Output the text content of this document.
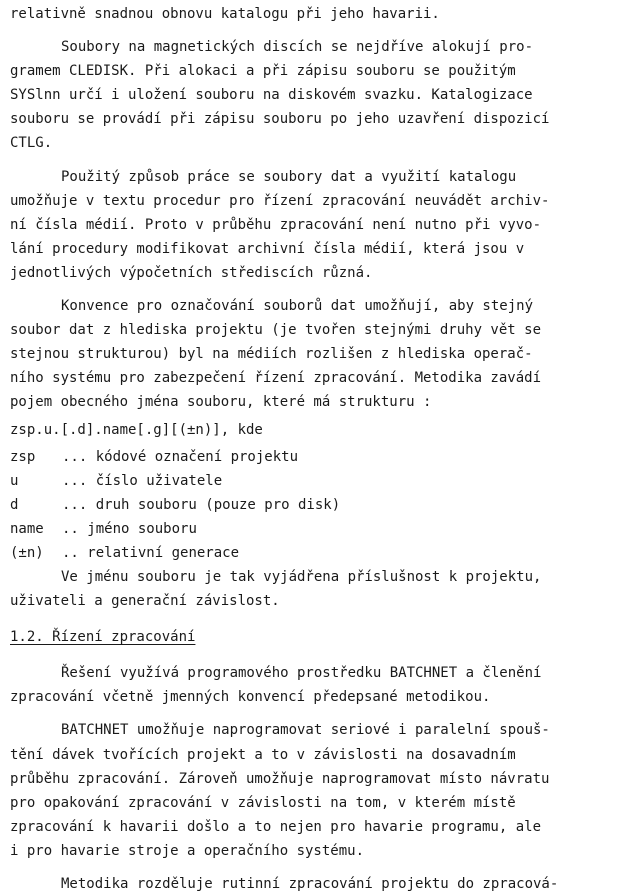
relativně snadnou obnovu katalogu při jeho havarii.
Soubory na magnetických discích se nejdříve alokují pro-
gramem CLEDISK. Při alokaci a při zápisu souboru se použitým
SYSlnn určí i uložení souboru na diskovém svazku. Katalogizace
souboru se provádí při zápisu souboru po jeho uzavření dispozicí
CTLG.
Použitý způsob práce se soubory dat a využití katalogu
umožňuje v textu procedur pro řízení zpracování neuvádět archiv-
ní čísla médií. Proto v průběhu zpracování není nutno při vyvo-
lání procedury modifikovat archivní čísla médií, která jsou v
jednotlivých výpočetních střediscích různá.
Konvence pro označování souborů dat umožňují, aby stejný
soubor dat z hlediska projektu (je tvořen stejnými druhy vět se
stejnou strukturou) byl na médiích rozlišen z hlediska operač-
ního systému pro zabezpečení řízení zpracování. Metodika zavádí
pojem obecného jména souboru, které má strukturu :
zsp.u.[.d].name[.g][(±n)], kde
zsp	... kódové označení projektu
u	... číslo uživatele
d	... druh souboru (pouze pro disk)
name	.. jméno souboru
(±n)	.. relativní generace
Ve jménu souboru je tak vyjádřena příslušnost k projektu,
uživateli a generační závislost.
1.2. Řízení zpracování
Řešení využívá programového prostředku BATCHNET a členění
zpracování včetně jmenných konvencí předepsané metodikou.
BATCHNET umožňuje naprogramovat seriové i paralelní spouš-
tění dávek tvořících projekt a to v závislosti na dosavadním
průběhu zpracování. Zároveň umožňuje naprogramovat místo návratu
pro opakování zpracování v závislosti na tom, v kterém místě
zpracování k havarii došlo a to nejen pro havarie programu, ale
i pro havarie stroje a operačního systému.
Metodika rozděluje rutinní zpracování projektu do zpracová-
